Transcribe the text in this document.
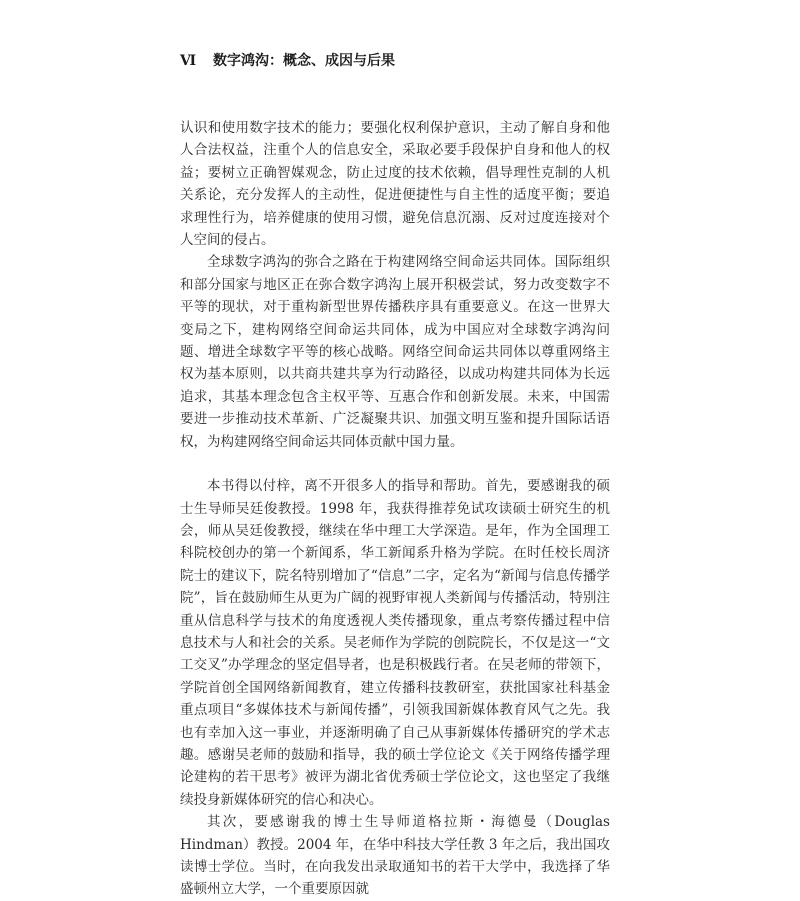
Ⅵ 数字鸿沟：概念、成因与后果

认识和使用数字技术的能力；要强化权利保护意识，主动了解自身和他人合法权益，注重个人的信息安全，采取必要手段保护自身和他人的权益；要树立正确智媒观念，防止过度的技术依赖，倡导理性克制的人机关系论，充分发挥人的主动性，促进便捷性与自主性的适度平衡；要追求理性行为，培养健康的使用习惯，避免信息沉溺、反对过度连接对个人空间的侵占。

全球数字鸿沟的弥合之路在于构建网络空间命运共同体。国际组织和部分国家与地区正在弥合数字鸿沟上展开积极尝试，努力改变数字不平等的现状，对于重构新型世界传播秩序具有重要意义。在这一世界大变局之下，建构网络空间命运共同体，成为中国应对全球数字鸿沟问题、增进全球数字平等的核心战略。网络空间命运共同体以尊重网络主权为基本原则，以共商共建共享为行动路径，以成功构建共同体为长远追求，其基本理念包含主权平等、互惠合作和创新发展。未来，中国需要进一步推动技术革新、广泛凝聚共识、加强文明互鉴和提升国际话语权，为构建网络空间命运共同体贡献中国力量。

本书得以付梓，离不开很多人的指导和帮助。首先，要感谢我的硕士生导师吴廷俊教授。1998 年，我获得推荐免试攻读硕士研究生的机会，师从吴廷俊教授，继续在华中理工大学深造。是年，作为全国理工科院校创办的第一个新闻系，华工新闻系升格为学院。在时任校长周济院士的建议下，院名特别增加了“信息”二字，定名为“新闻与信息传播学院”，旨在鼓励师生从更为广阔的视野审视人类新闻与传播活动，特别注重从信息科学与技术的角度透视人类传播现象，重点考察传播过程中信息技术与人和社会的关系。吴老师作为学院的创院院长，不仅是这一“文工交叉”办学理念的坚定倡导者，也是积极践行者。在吴老师的带领下，学院首创全国网络新闻教育，建立传播科技教研室，获批国家社科基金重点项目“多媒体技术与新闻传播”，引领我国新媒体教育风气之先。我也有幸加入这一事业，并逐渐明确了自己从事新媒体传播研究的学术志趣。感谢吴老师的鼓励和指导，我的硕士学位论文《关于网络传播学理论建构的若干思考》被评为湖北省优秀硕士学位论文，这也坚定了我继续投身新媒体研究的信心和决心。

其次，要感谢我的博士生导师道格拉斯・海德曼（Douglas Hindman）教授。2004 年，在华中科技大学任教 3 年之后，我出国攻读博士学位。当时，在向我发出录取通知书的若干大学中，我选择了华盛顿州立大学，一个重要原因就
